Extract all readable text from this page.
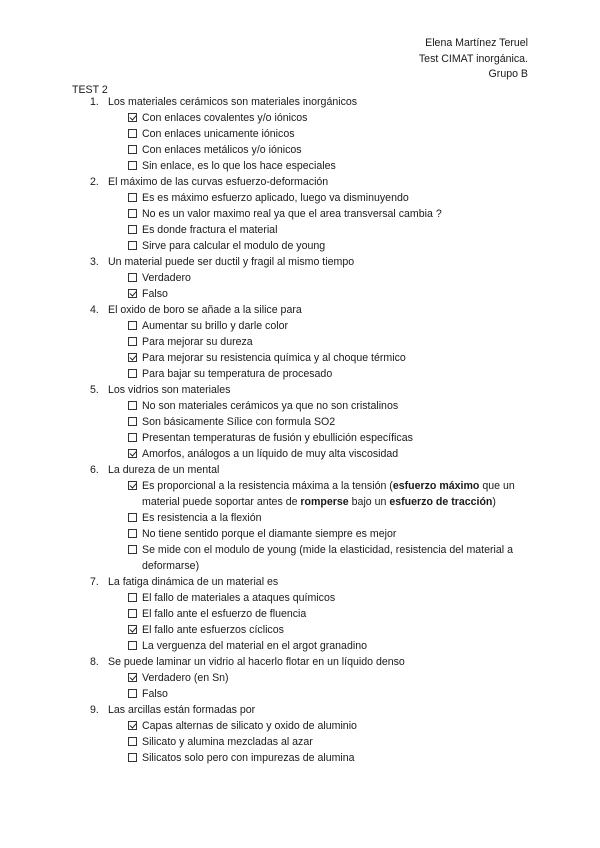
Elena Martínez Teruel
Test CIMAT inorgánica.
Grupo B
TEST 2
1. Los materiales cerámicos son materiales inorgánicos
Con enlaces covalentes y/o iónicos
Con enlaces unicamente iónicos
Con enlaces metálicos y/o iónicos
Sin enlace, es lo que los hace especiales
2. El máximo de las curvas esfuerzo-deformación
Es es máximo esfuerzo aplicado, luego va disminuyendo
No es un valor maximo real ya que el area transversal cambia ?
Es donde fractura el material
Sirve para calcular el modulo de young
3. Un material puede ser ductil y fragil al mismo tiempo
Verdadero
Falso
4. El oxido de boro se añade a la silice para
Aumentar su brillo y darle color
Para mejorar su dureza
Para mejorar su resistencia química y al choque térmico
Para bajar su temperatura de procesado
5. Los vidrios son materiales
No son materiales cerámicos ya que no son cristalinos
Son básicamente Sílice con formula SO2
Presentan temperaturas de fusión y ebullición específicas
Amorfos, análogos a un líquido de muy alta viscosidad
6. La dureza de un mental
Es proporcional a la resistencia máxima a la tensión (esfuerzo máximo que un material puede soportar antes de romperse bajo un esfuerzo de tracción)
Es resistencia a la flexión
No tiene sentido porque el diamante siempre es mejor
Se mide con el modulo de young (mide la elasticidad, resistencia del material a deformarse)
7. La fatiga dinámica de un material es
El fallo de materiales a ataques químicos
El fallo ante el esfuerzo de fluencia
El fallo ante esfuerzos cíclicos
La verguenza del material en el argot granadino
8. Se puede laminar un vidrio al hacerlo flotar en un líquido denso
Verdadero (en Sn)
Falso
9. Las arcillas están formadas por
Capas alternas de silicato y oxido de aluminio
Silicato y alumina mezcladas al azar
Silicatos solo pero con impurezas de alumina
